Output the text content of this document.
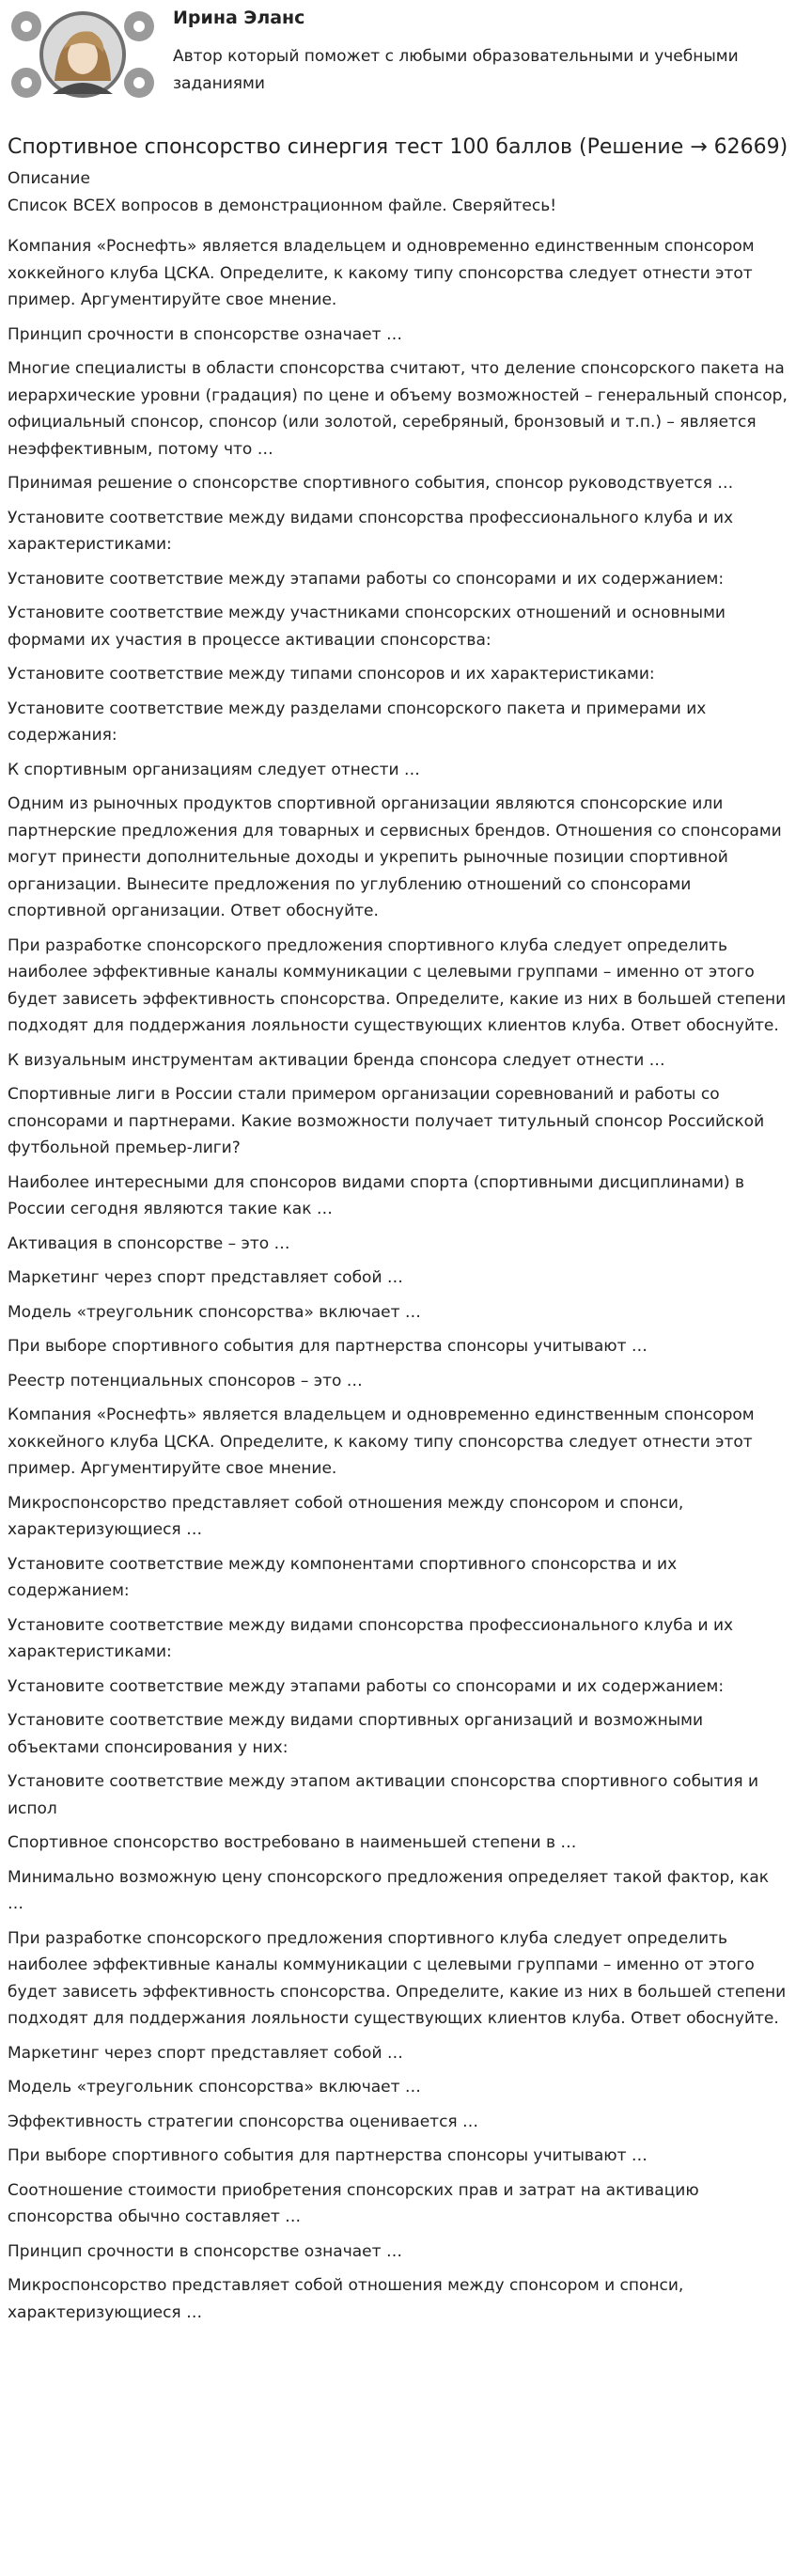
Ирина Эланс
Автор который поможет с любыми образовательными и учебными заданиями
Спортивное спонсорство синергия тест 100 баллов (Решение → 62669)
Описание
Список ВСЕХ вопросов в демонстрационном файле. Сверяйтесь!
Компания «Роснефть» является владельцем и одновременно единственным спонсором хоккейного клуба ЦСКА. Определите, к какому типу спонсорства следует отнести этот пример. Аргументируйте свое мнение.
Принцип срочности в спонсорстве означает …
Многие специалисты в области спонсорства считают, что деление спонсорского пакета на иерархические уровни (градация) по цене и объему возможностей – генеральный спонсор, официальный спонсор, спонсор (или золотой, серебряный, бронзовый и т.п.) – является неэффективным, потому что …
Принимая решение о спонсорстве спортивного события, спонсор руководствуется …
Установите соответствие между видами спонсорства профессионального клуба и их характеристиками:
Установите соответствие между этапами работы со спонсорами и их содержанием:
Установите соответствие между участниками спонсорских отношений и основными формами их участия в процессе активации спонсорства:
Установите соответствие между типами спонсоров и их характеристиками:
Установите соответствие между разделами спонсорского пакета и примерами их содержания:
К спортивным организациям следует отнести …
Одним из рыночных продуктов спортивной организации являются спонсорские или партнерские предложения для товарных и сервисных брендов. Отношения со спонсорами могут принести дополнительные доходы и укрепить рыночные позиции спортивной организации. Вынесите предложения по углублению отношений со спонсорами спортивной организации. Ответ обоснуйте.
При разработке спонсорского предложения спортивного клуба следует определить наиболее эффективные каналы коммуникации с целевыми группами – именно от этого будет зависеть эффективность спонсорства. Определите, какие из них в большей степени подходят для поддержания лояльности существующих клиентов клуба. Ответ обоснуйте.
К визуальным инструментам активации бренда спонсора следует отнести …
Спортивные лиги в России стали примером организации соревнований и работы со спонсорами и партнерами. Какие возможности получает титульный спонсор Российской футбольной премьер-лиги?
Наиболее интересными для спонсоров видами спорта (спортивными дисциплинами) в России сегодня являются такие как …
Активация в спонсорстве – это …
Маркетинг через спорт представляет собой …
Модель «треугольник спонсорства» включает …
При выборе спортивного события для партнерства спонсоры учитывают …
Реестр потенциальных спонсоров – это …
Компания «Роснефть» является владельцем и одновременно единственным спонсором хоккейного клуба ЦСКА. Определите, к какому типу спонсорства следует отнести этот пример. Аргументируйте свое мнение.
Микроспонсорство представляет собой отношения между спонсором и спонси, характеризующиеся …
Установите соответствие между компонентами спортивного спонсорства и их содержанием:
Установите соответствие между видами спонсорства профессионального клуба и их характеристиками:
Установите соответствие между этапами работы со спонсорами и их содержанием:
Установите соответствие между видами спортивных организаций и возможными объектами спонсирования у них:
Установите соответствие между этапом активации спонсорства спортивного события и испол
Спортивное спонсорство востребовано в наименьшей степени в …
Минимально возможную цену спонсорского предложения определяет такой фактор, как …
При разработке спонсорского предложения спортивного клуба следует определить наиболее эффективные каналы коммуникации с целевыми группами – именно от этого будет зависеть эффективность спонсорства. Определите, какие из них в большей степени подходят для поддержания лояльности существующих клиентов клуба. Ответ обоснуйте.
Маркетинг через спорт представляет собой …
Модель «треугольник спонсорства» включает …
Эффективность стратегии спонсорства оценивается …
При выборе спортивного события для партнерства спонсоры учитывают …
Соотношение стоимости приобретения спонсорских прав и затрат на активацию спонсорства обычно составляет …
Принцип срочности в спонсорстве означает …
Микроспонсорство представляет собой отношения между спонсором и спонси, характеризующиеся …
